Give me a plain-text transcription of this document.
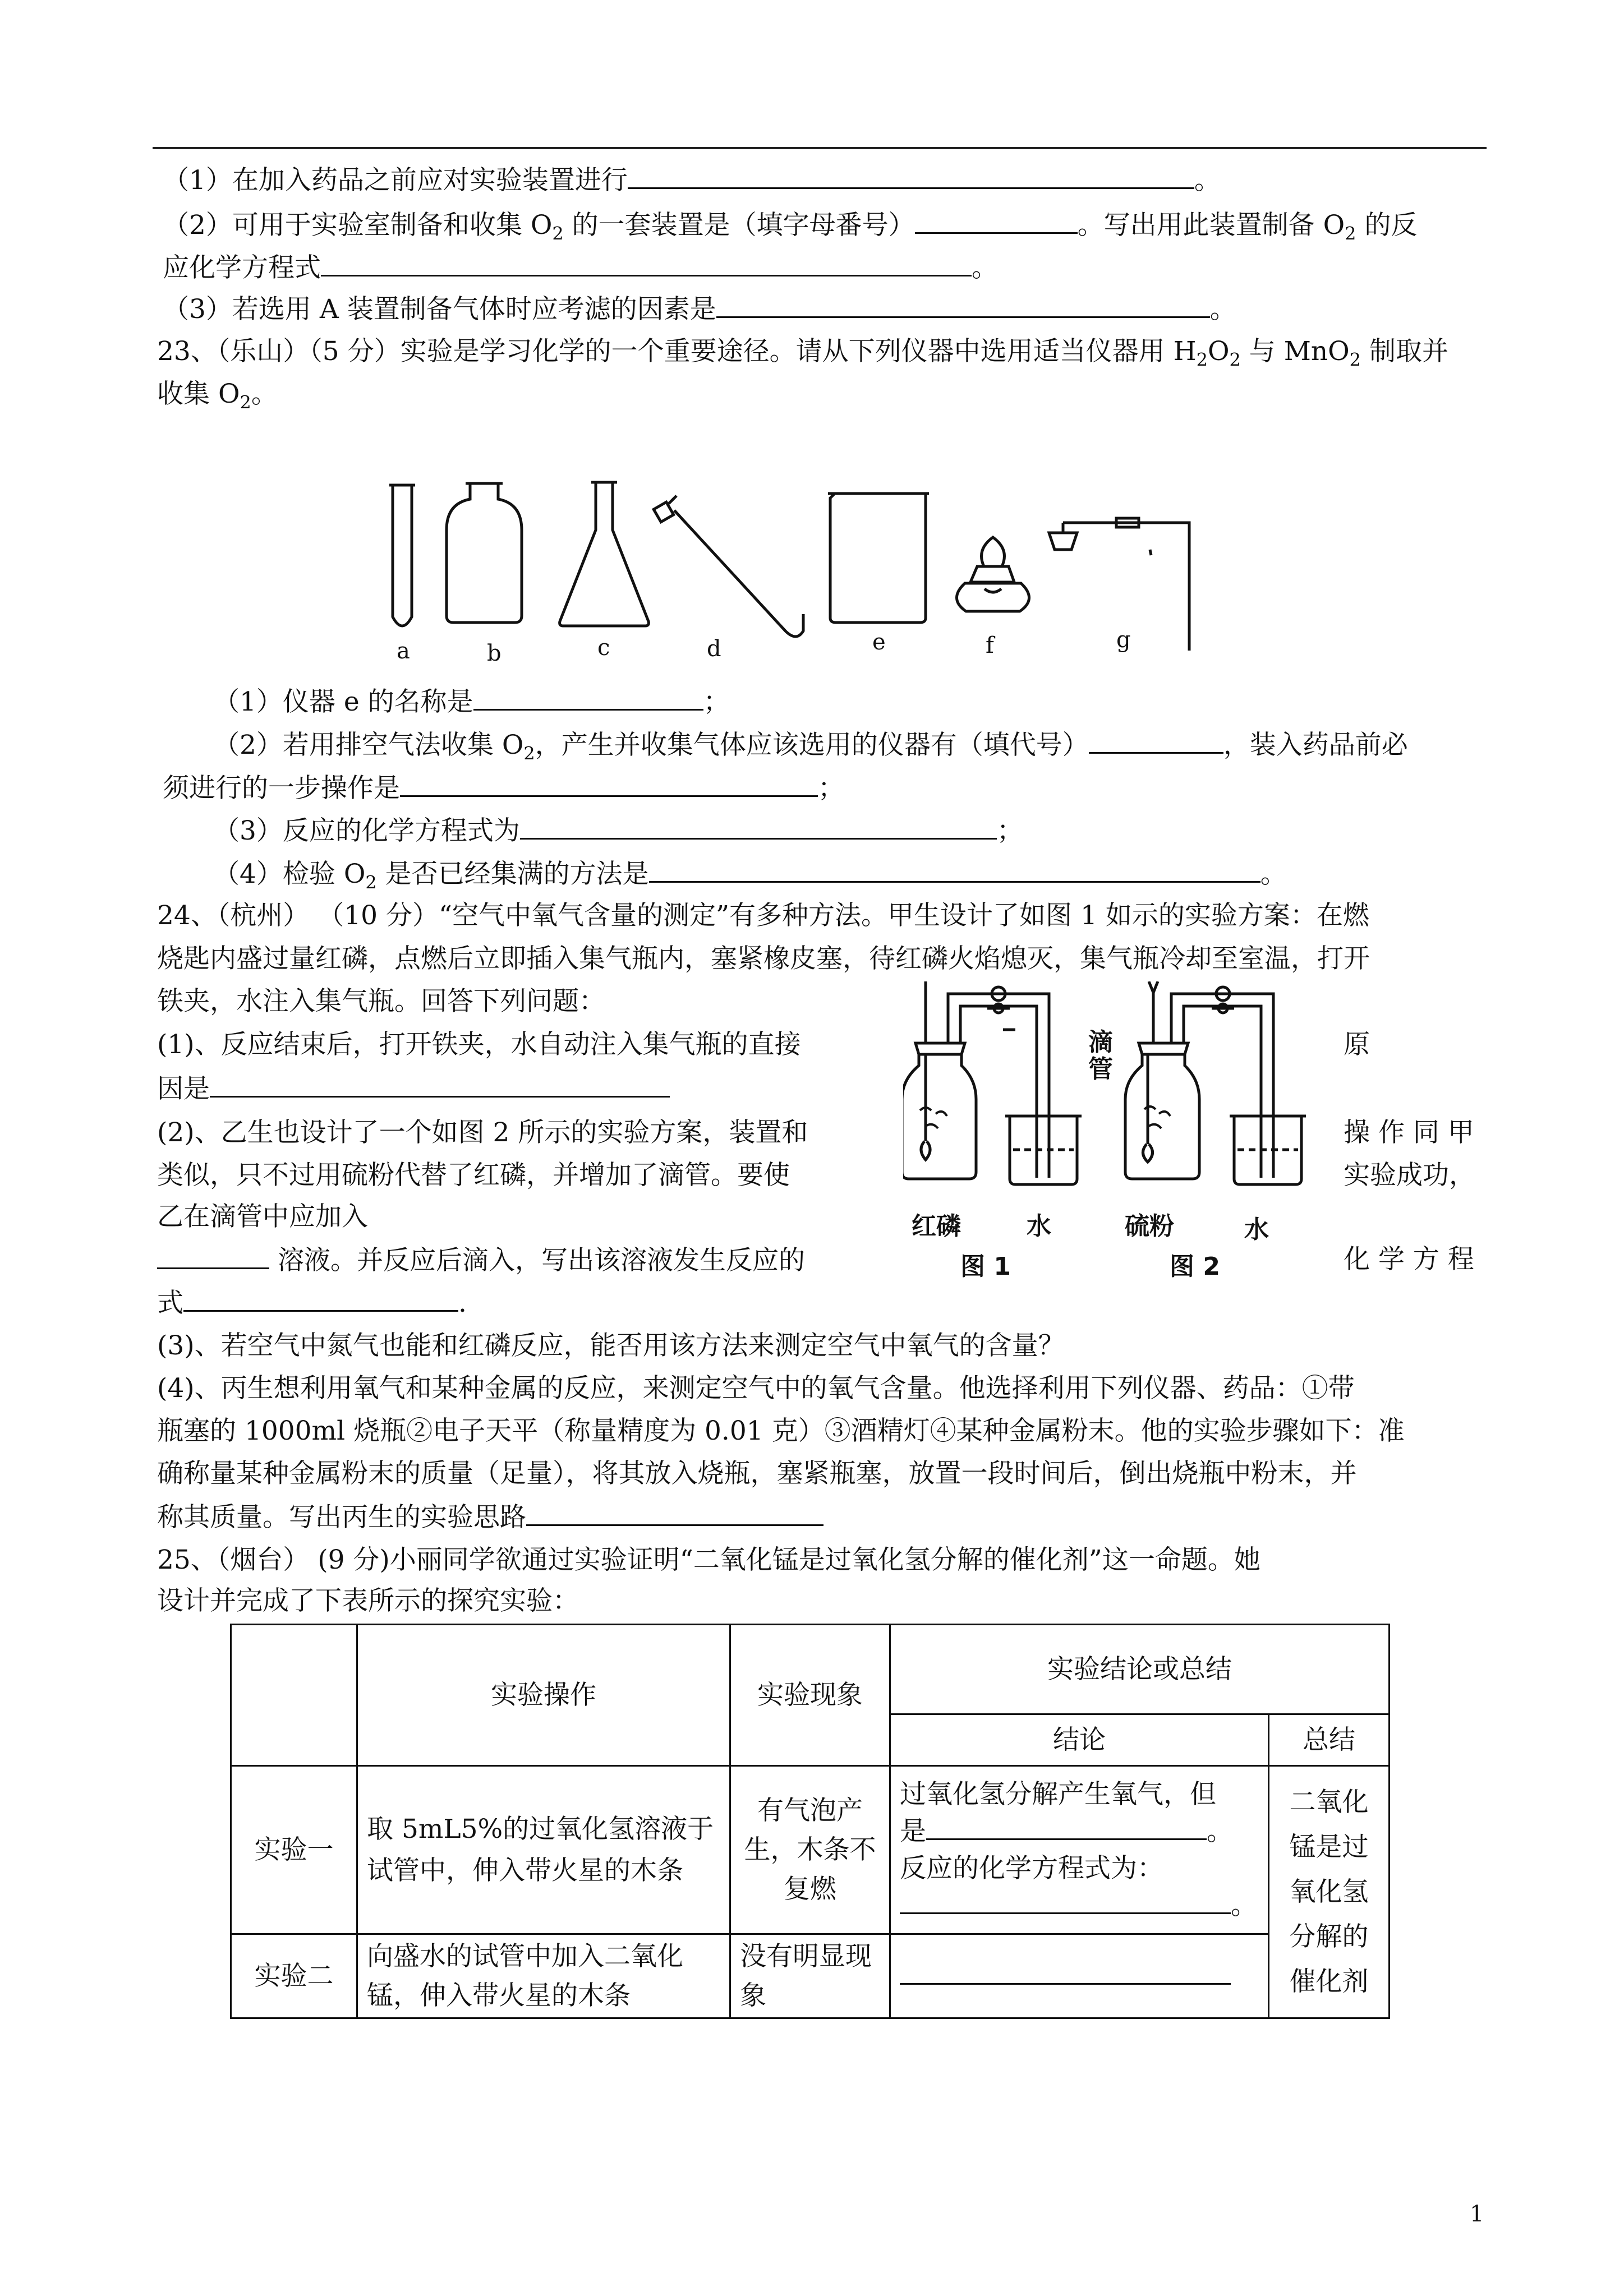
（1）在加入药品之前应对实验装置进行	。
（2）可用于实验室制备和收集 $O_2$ 的一套装置是（填字母番号）	。写出用此装置制备 $O_2$ 的反
应化学方程式	。
（3）若选用 A 装置制备气体时应考滤的因素是	。
23、（乐山）（5 分）实验是学习化学的一个重要途径。请从下列仪器中选用适当仪器用 $H_2O_2$ 与 MnO$_2$ 制取并
收集 $O_2$。
a	b	c	d	e	f	g
（1）仪器 e 的名称是	；
（2）若用排空气法收集 $O_2$，产生并收集气体应该选用的仪器有（填代号）	，装入药品前必
须进行的一步操作是	；
（3）反应的化学方程式为	；
（4）检验 $O_2$ 是否已经集满的方法是	。
24、（杭州） （10 分）“空气中氧气含量的测定”有多种方法。甲生设计了如图 1 如示的实验方案：在燃
烧匙内盛过量红磷，点燃后立即插入集气瓶内，塞紧橡皮塞，待红磷火焰熄灭，集气瓶冷却至室温，打开
铁夹，水注入集气瓶。回答下列问题：
(1)、反应结束后，打开铁夹，水自动注入集气瓶的直接	原
因是
(2)、乙生也设计了一个如图 2 所示的实验方案，装置和	操 作 同 甲
类似，只不过用硫粉代替了红磷，并增加了滴管。要使	实验成功，
乙在滴管中应加入
溶液。并反应后滴入，写出该溶液发生反应的	化 学 方 程
式	.
(3)、若空气中氮气也能和红磷反应，能否用该方法来测定空气中氧气的含量？
(4)、丙生想利用氧气和某种金属的反应，来测定空气中的氧气含量。他选择利用下列仪器、药品：①带
瓶塞的 1000ml 烧瓶②电子天平（称量精度为 0.01 克）③酒精灯④某种金属粉末。他的实验步骤如下：准
确称量某种金属粉末的质量（足量），将其放入烧瓶，塞紧瓶塞，放置一段时间后，倒出烧瓶中粉末，并
称其质量。写出丙生的实验思路
滴
管
红磷	水	硫粉	水
图 1	图 2
25、（烟台） (9 分)小丽同学欲通过实验证明“二氧化锰是过氧化氢分解的催化剂”这一命题。她
设计并完成了下表所示的探究实验：
	实验操作	实验现象	实验结论或总结	
			结论	总结
实验一	取 5mL5%的过氧化氢溶液于试管中，伸入带火星的木条	有气泡产生，木条不复燃	过氧化氢分解产生氧气，但
是 。
反应的化学方程式为：
。	二氧化锰是过氧化氢分解的催化剂
实验二	向盛水的试管中加入二氧化锰，伸入带火星的木条	没有明显现象		
1
